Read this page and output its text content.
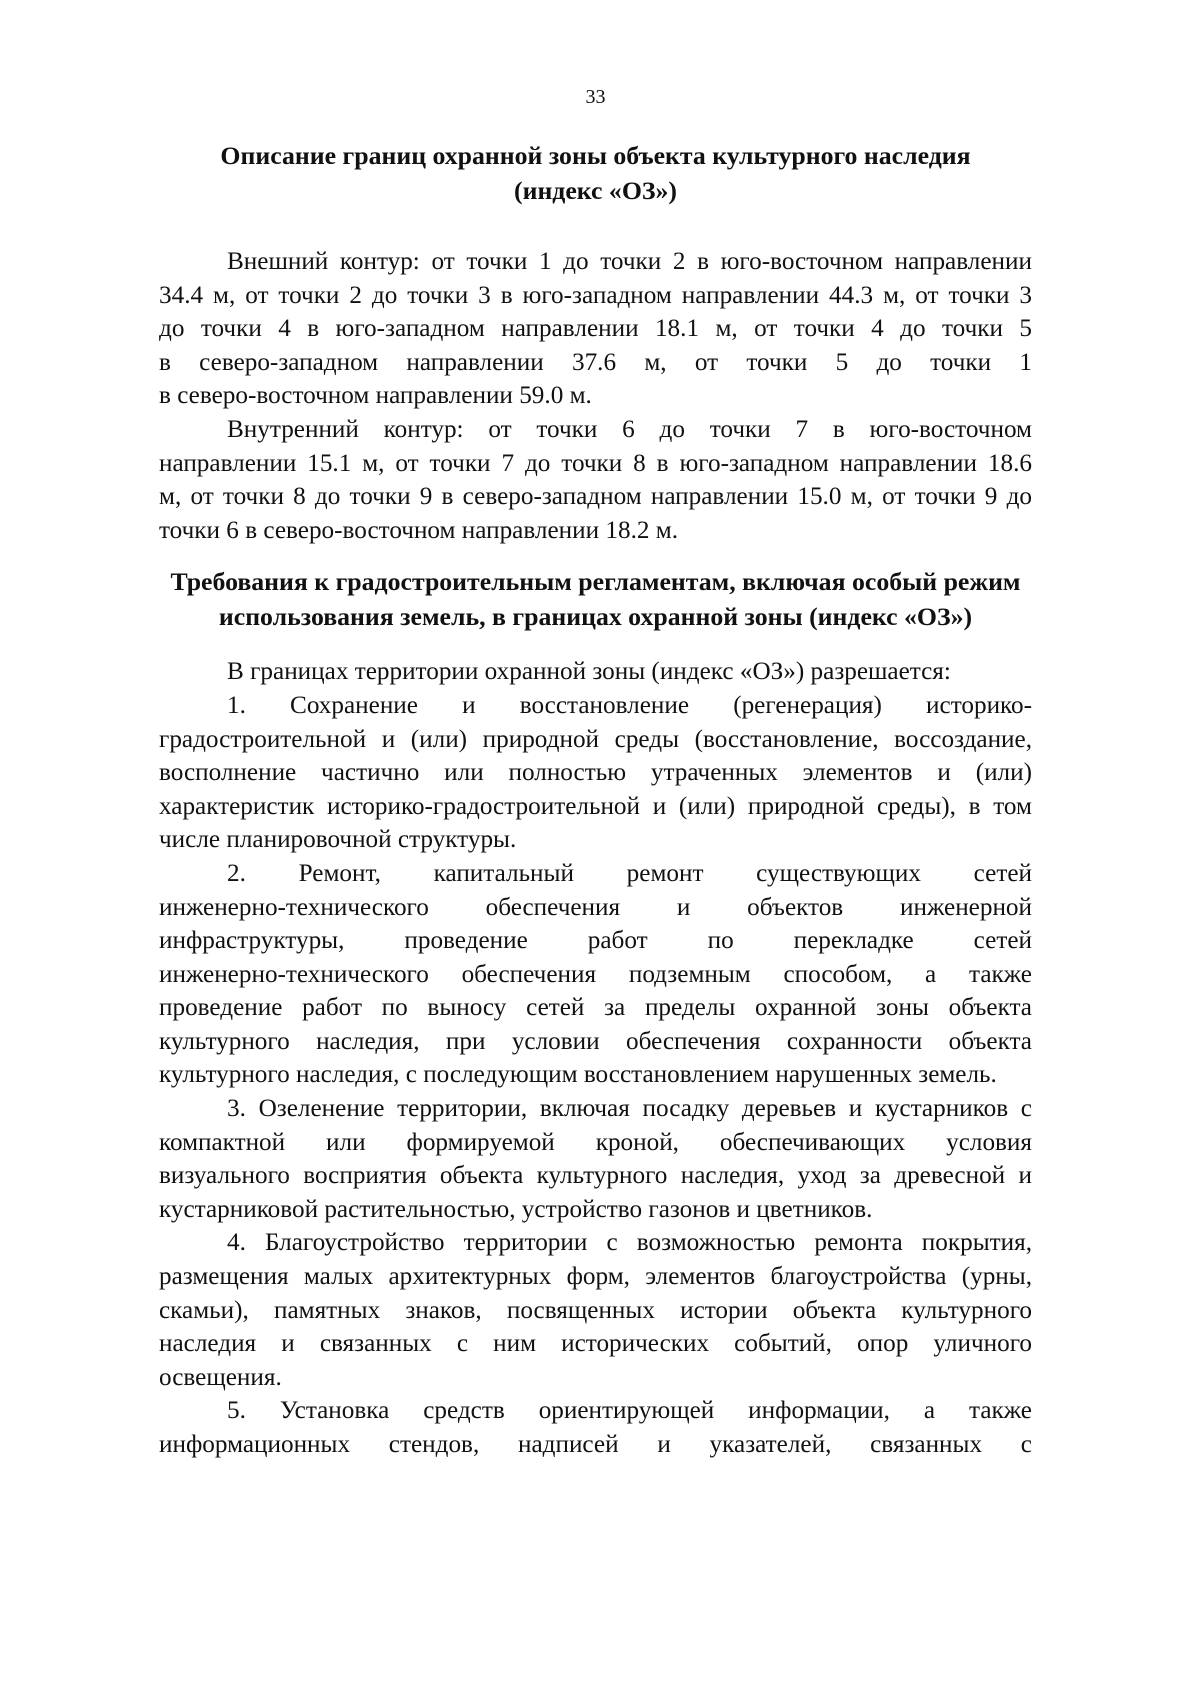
33
Описание границ охранной зоны объекта культурного наследия
(индекс «ОЗ»)
Внешний контур: от точки 1 до точки 2 в юго-восточном направлении
34.4 м, от точки 2 до точки 3 в юго-западном направлении 44.3 м, от точки 3
до точки 4 в юго-западном направлении 18.1 м, от точки 4 до точки 5
в северо-западном направлении 37.6 м, от точки 5 до точки 1
в северо-восточном направлении 59.0 м.
Внутренний контур: от точки 6 до точки 7 в юго-восточном
направлении 15.1 м, от точки 7 до точки 8 в юго-западном направлении 18.6
м, от точки 8 до точки 9 в северо-западном направлении 15.0 м, от точки 9 до
точки 6 в северо-восточном направлении 18.2 м.
Требования к градостроительным регламентам, включая особый режим
использования земель, в границах охранной зоны (индекс «ОЗ»)
В границах территории охранной зоны (индекс «ОЗ») разрешается:
1. Сохранение и восстановление (регенерация) историко-
градостроительной и (или) природной среды (восстановление, воссоздание,
восполнение частично или полностью утраченных элементов и (или)
характеристик историко-градостроительной и (или) природной среды), в том
числе планировочной структуры.
2. Ремонт, капитальный ремонт существующих сетей
инженерно-технического обеспечения и объектов инженерной
инфраструктуры, проведение работ по перекладке сетей
инженерно-технического обеспечения подземным способом, а также
проведение работ по выносу сетей за пределы охранной зоны объекта
культурного наследия, при условии обеспечения сохранности объекта
культурного наследия, с последующим восстановлением нарушенных земель.
3. Озеленение территории, включая посадку деревьев и кустарников с
компактной или формируемой кроной, обеспечивающих условия
визуального восприятия объекта культурного наследия, уход за древесной и
кустарниковой растительностью, устройство газонов и цветников.
4. Благоустройство территории с возможностью ремонта покрытия,
размещения малых архитектурных форм, элементов благоустройства (урны,
скамьи), памятных знаков, посвященных истории объекта культурного
наследия и связанных с ним исторических событий, опор уличного
освещения.
5. Установка средств ориентирующей информации, а также
информационных стендов, надписей и указателей, связанных с
